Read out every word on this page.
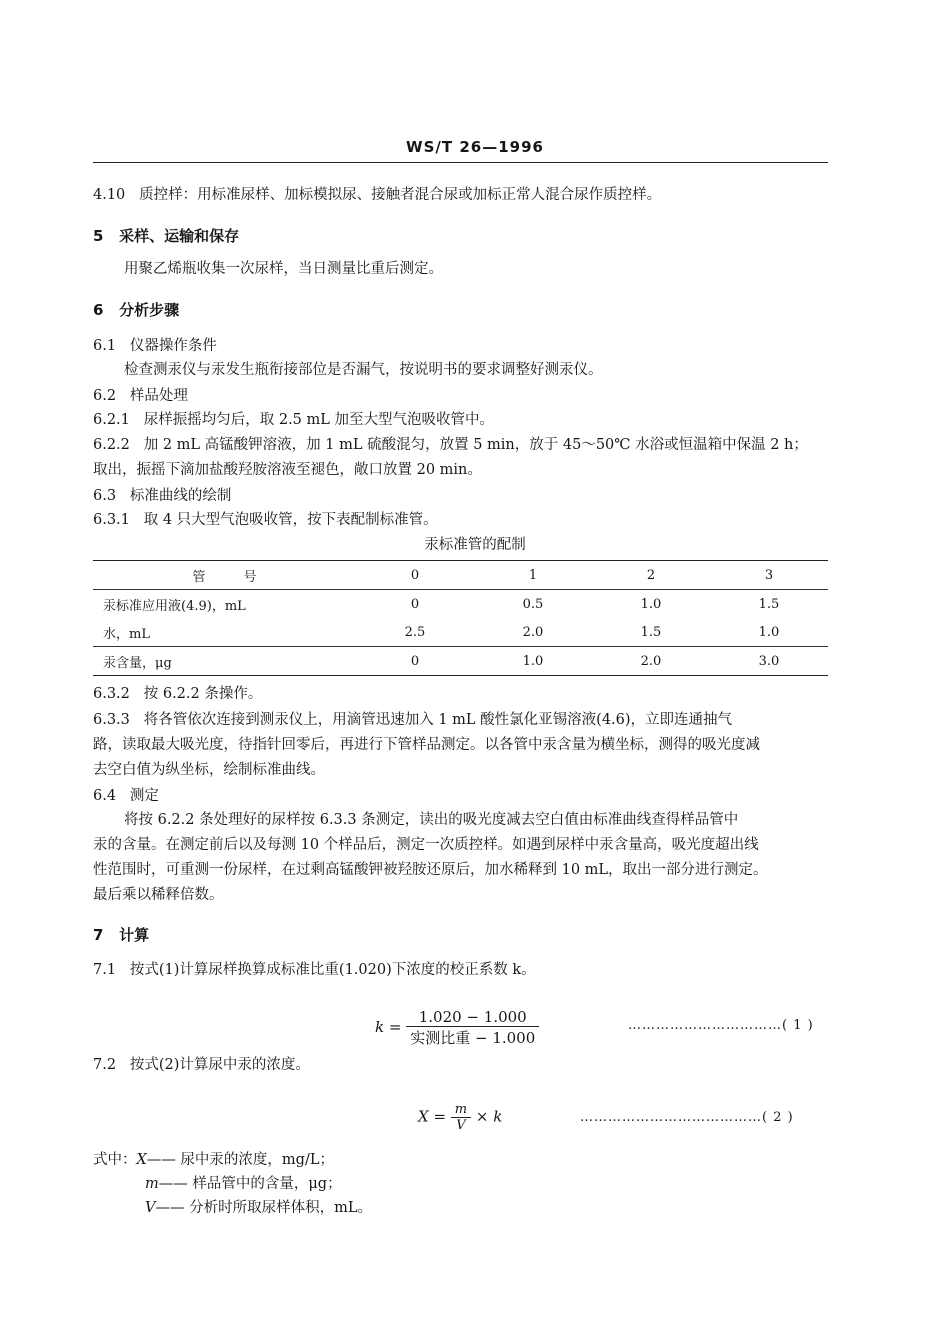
WS/T 26—1996
4.10 质控样：用标准尿样、加标模拟尿、接触者混合尿或加标正常人混合尿作质控样。
5 采样、运输和保存
用聚乙烯瓶收集一次尿样，当日测量比重后测定。
6 分析步骤
6.1 仪器操作条件
检查测汞仪与汞发生瓶衔接部位是否漏气，按说明书的要求调整好测汞仪。
6.2 样品处理
6.2.1 尿样振摇均匀后，取 2.5 mL 加至大型气泡吸收管中。
6.2.2 加 2 mL 高锰酸钾溶液，加 1 mL 硫酸混匀，放置 5 min，放于 45～50℃ 水浴或恒温箱中保温 2 h；
取出，振摇下滴加盐酸羟胺溶液至褪色，敞口放置 20 min。
6.3 标准曲线的绘制
6.3.1 取 4 只大型气泡吸收管，按下表配制标准管。
汞标准管的配制
管号	0	1	2	3
汞标准应用液(4.9)，mL	0	0.5	1.0	1.5
水，mL	2.5	2.0	1.5	1.0
汞含量，μg	0	1.0	2.0	3.0
6.3.2 按 6.2.2 条操作。
6.3.3 将各管依次连接到测汞仪上，用滴管迅速加入 1 mL 酸性氯化亚锡溶液(4.6)，立即连通抽气
路，读取最大吸光度，待指针回零后，再进行下管样品测定。以各管中汞含量为横坐标，测得的吸光度减
去空白值为纵坐标，绘制标准曲线。
6.4 测定
将按 6.2.2 条处理好的尿样按 6.3.3 条测定，读出的吸光度减去空白值由标准曲线查得样品管中
汞的含量。在测定前后以及每测 10 个样品后，测定一次质控样。如遇到尿样中汞含量高，吸光度超出线
性范围时，可重测一份尿样，在过剩高锰酸钾被羟胺还原后，加水稀释到 10 mL，取出一部分进行测定。
最后乘以稀释倍数。
7 计算
7.1 按式(1)计算尿样换算成标准比重(1.020)下浓度的校正系数 k。
$k = \frac{1.020 - 1.000}{\text{实测比重 − 1.000}}$	……………………………( 1 )
7.2 按式(2)计算尿中汞的浓度。
$X = \frac{m}{V} \times k$	…………………………………( 2 )
式中：X—— 尿中汞的浓度，mg/L；
m—— 样品管中的含量，μg；
V—— 分析时所取尿样体积，mL。
